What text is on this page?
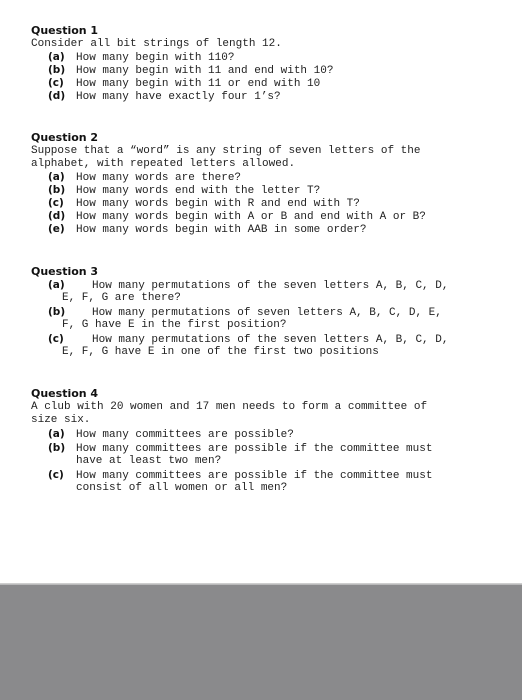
Question 1
Consider all bit strings of length 12.
(a) How many begin with 110?
(b) How many begin with 11 and end with 10?
(c) How many begin with 11 or end with 10
(d) How many have exactly four 1’s?
Question 2
Suppose that a “word” is any string of seven letters of the
alphabet, with repeated letters allowed.
(a) How many words are there?
(b) How many words end with the letter T?
(c) How many words begin with R and end with T?
(d) How many words begin with A or B and end with A or B?
(e) How many words begin with AAB in some order?
Question 3
(a) How many permutations of the seven letters A, B, C, D,
E, F, G are there?
(b) How many permutations of seven letters A, B, C, D, E,
F, G have E in the first position?
(c)	How many permutations of the seven letters A, B, C, D,
E, F, G have E in one of the first two positions
Question 4
A club with 20 women and 17 men needs to form a committee of
size six.
(a) How many committees are possible?
(b) How many committees are possible if the committee must
have at least two men?
(c) How many committees are possible if the committee must
consist of all women or all men?
